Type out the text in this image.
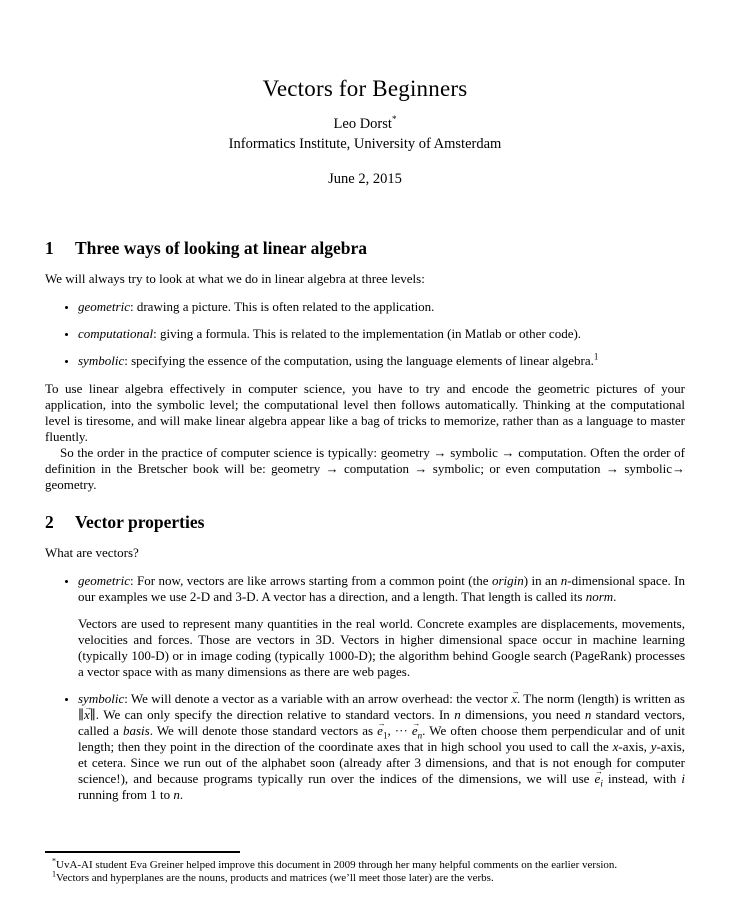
Vectors for Beginners
Leo Dorst*
Informatics Institute, University of Amsterdam
June 2, 2015
1 Three ways of looking at linear algebra

We will always try to look at what we do in linear algebra at three levels:

• geometric: drawing a picture. This is often related to the application.

• computational: giving a formula. This is related to the implementation (in Matlab or other code).

• symbolic: specifying the essence of the computation, using the language elements of linear algebra.$^1$

To use linear algebra effectively in computer science, you have to try and encode the geometric pictures of your application, into the symbolic level; the computational level then follows automatically. Thinking at the computational level is tiresome, and will make linear algebra appear like a bag of tricks to memorize, rather than as a language to master fluently.

So the order in the practice of computer science is typically: geometry → symbolic → computation. Often the order of definition in the Bretscher book will be: geometry → computation → symbolic; or even computation → symbolic→ geometry.

2 Vector properties

What are vectors?

• geometric: For now, vectors are like arrows starting from a common point (the origin) in an n-dimensional space. In our examples we use 2-D and 3-D. A vector has a direction, and a length. That length is called its norm.

Vectors are used to represent many quantities in the real world. Concrete examples are displacements, movements, velocities and forces. Those are vectors in 3D. Vectors in higher dimensional space occur in machine learning (typically 100-D) or in image coding (typically 1000-D); the algorithm behind Google search (PageRank) processes a vector space with as many dimensions as there are web pages.

• symbolic: We will denote a vector as a variable with an arrow overhead: the vector x →. The norm (length) is written as ∥x →∥. We can only specify the direction relative to standard vectors. In n dimensions, you need n standard vectors, called a basis. We will denote those standard vectors as $e \to_1$, ··· $e \to_n$. We often choose them perpendicular and of unit length; then they point in the direction of the coordinate axes that in high school you used to call the x-axis, y-axis, et cetera. Since we run out of the alphabet soon (already after 3 dimensions, and that is not enough for computer science!), and because programs typically run over the indices of the dimensions, we will use $e \to_i$ instead, with i running from 1 to n.

*UvA-AI student Eva Greiner helped improve this document in 2009 through her many helpful comments on the earlier version.

$^1$Vectors and hyperplanes are the nouns, products and matrices (we’ll meet those later) are the verbs.
